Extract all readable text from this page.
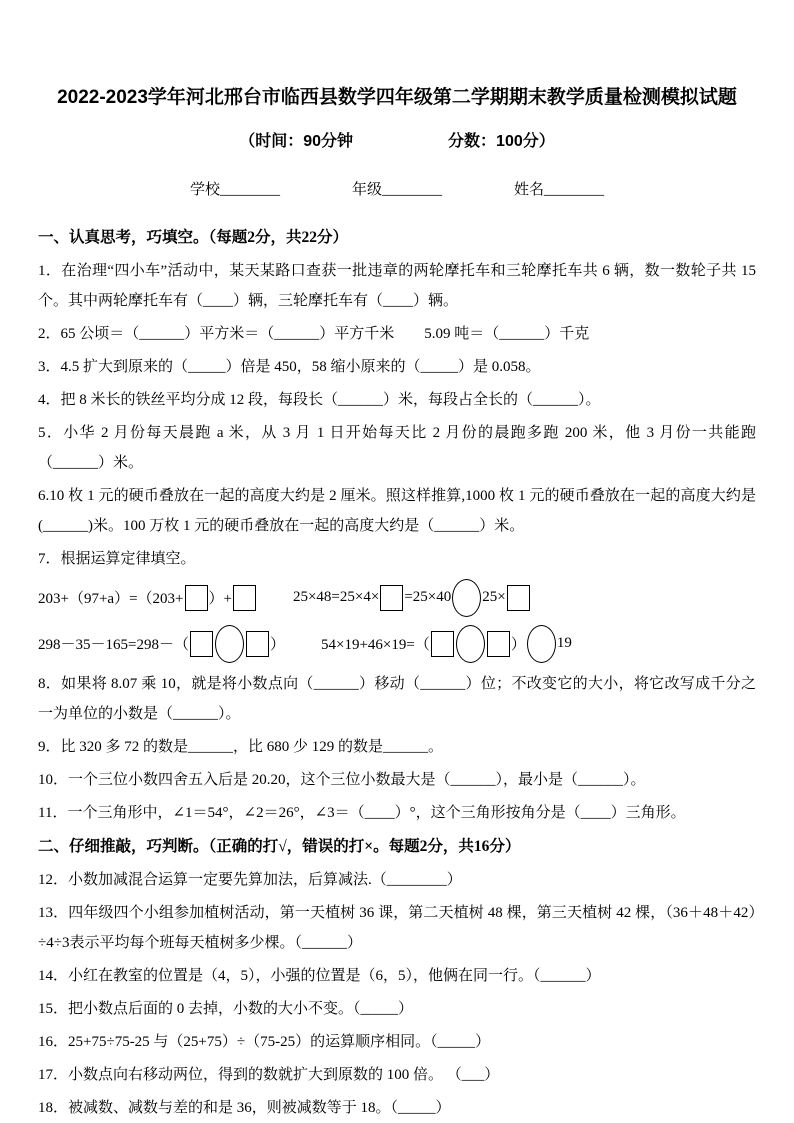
2022-2023学年河北邢台市临西县数学四年级第二学期期末教学质量检测模拟试题
（时间：90分钟	分数：100分）
学校________	年级________	姓名________
一、认真思考，巧填空。（每题2分，共22分）

1．在治理“四小车”活动中，某天某路口查获一批违章的两轮摩托车和三轮摩托车共 6 辆，数一数轮子共 15 个。其中两轮摩托车有（____）辆，三轮摩托车有（____）辆。

2．65 公顷＝（______）平方米＝（______）平方千米　　5.09 吨＝（______）千克

3．4.5 扩大到原来的（_____）倍是 450，58 缩小原来的（_____）是 0.058。

4．把 8 米长的铁丝平均分成 12 段，每段长（______）米，每段占全长的（______）。

5．小华 2 月份每天晨跑 a 米，从 3 月 1 日开始每天比 2 月份的晨跑多跑 200 米，他 3 月份一共能跑（______）米。

6.10 枚 1 元的硬币叠放在一起的高度大约是 2 厘米。照这样推算,1000 枚 1 元的硬币叠放在一起的高度大约是(______)米。100 万枚 1 元的硬币叠放在一起的高度大约是（______）米。

7．根据运算定律填空。

203+（97+a）=（203+ ）+	25×48=25×4× =25×40 25×
298－35－165=298－（	） 54×19+46×19=（	） 19

8．如果将 8.07 乘 10，就是将小数点向（______）移动（______）位；不改变它的大小，将它改写成千分之一为单位的小数是（______）。

9．比 320 多 72 的数是______，比 680 少 129 的数是______。

10．一个三位小数四舍五入后是 20.20，这个三位小数最大是（______），最小是（______）。

11．一个三角形中，∠1＝54°，∠2＝26°，∠3＝（____）°，这个三角形按角分是（____）三角形。

二、仔细推敲，巧判断。（正确的打√，错误的打×。每题2分，共16分）

12．小数加减混合运算一定要先算加法，后算减法.（________）

13．四年级四个小组参加植树活动，第一天植树 36 课，第二天植树 48 棵，第三天植树 42 棵，（36＋48＋42）÷4÷3表示平均每个班每天植树多少棵。（______）

14．小红在教室的位置是（4，5），小强的位置是（6，5），他俩在同一行。（______）

15．把小数点后面的 0 去掉，小数的大小不变。（_____）

16．25+75÷75-25 与（25+75）÷（75-25）的运算顺序相同。（_____）

17．小数点向右移动两位，得到的数就扩大到原数的 100 倍。 （___）

18．被减数、减数与差的和是 36，则被减数等于 18。（_____）
